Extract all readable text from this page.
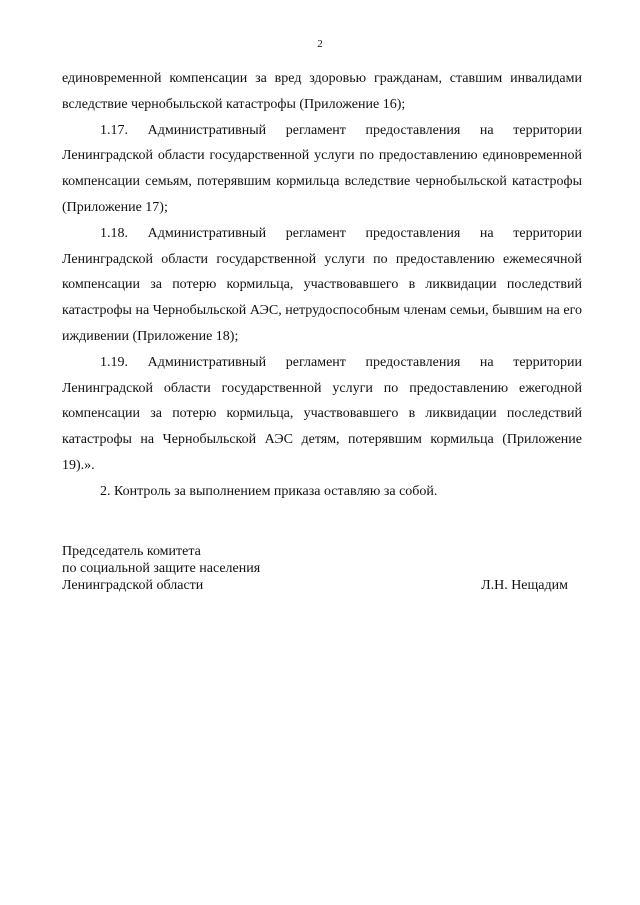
2

единовременной компенсации за вред здоровью гражданам, ставшим инвалидами вследствие чернобыльской катастрофы (Приложение 16);

1.17. Административный регламент предоставления на территории Ленинградской области государственной услуги по предоставлению единовременной компенсации семьям, потерявшим кормильца вследствие чернобыльской катастрофы (Приложение 17);

1.18. Административный регламент предоставления на территории Ленинградской области государственной услуги по предоставлению ежемесячной компенсации за потерю кормильца, участвовавшего в ликвидации последствий катастрофы на Чернобыльской АЭС, нетрудоспособным членам семьи, бывшим на его иждивении (Приложение 18);

1.19. Административный регламент предоставления на территории Ленинградской области государственной услуги по предоставлению ежегодной компенсации за потерю кормильца, участвовавшего в ликвидации последствий катастрофы на Чернобыльской АЭС детям, потерявшим кормильца (Приложение 19).».

2. Контроль за выполнением приказа оставляю за собой.

Председатель комитета
по социальной защите населения
Ленинградской области	Л.Н. Нещадим
